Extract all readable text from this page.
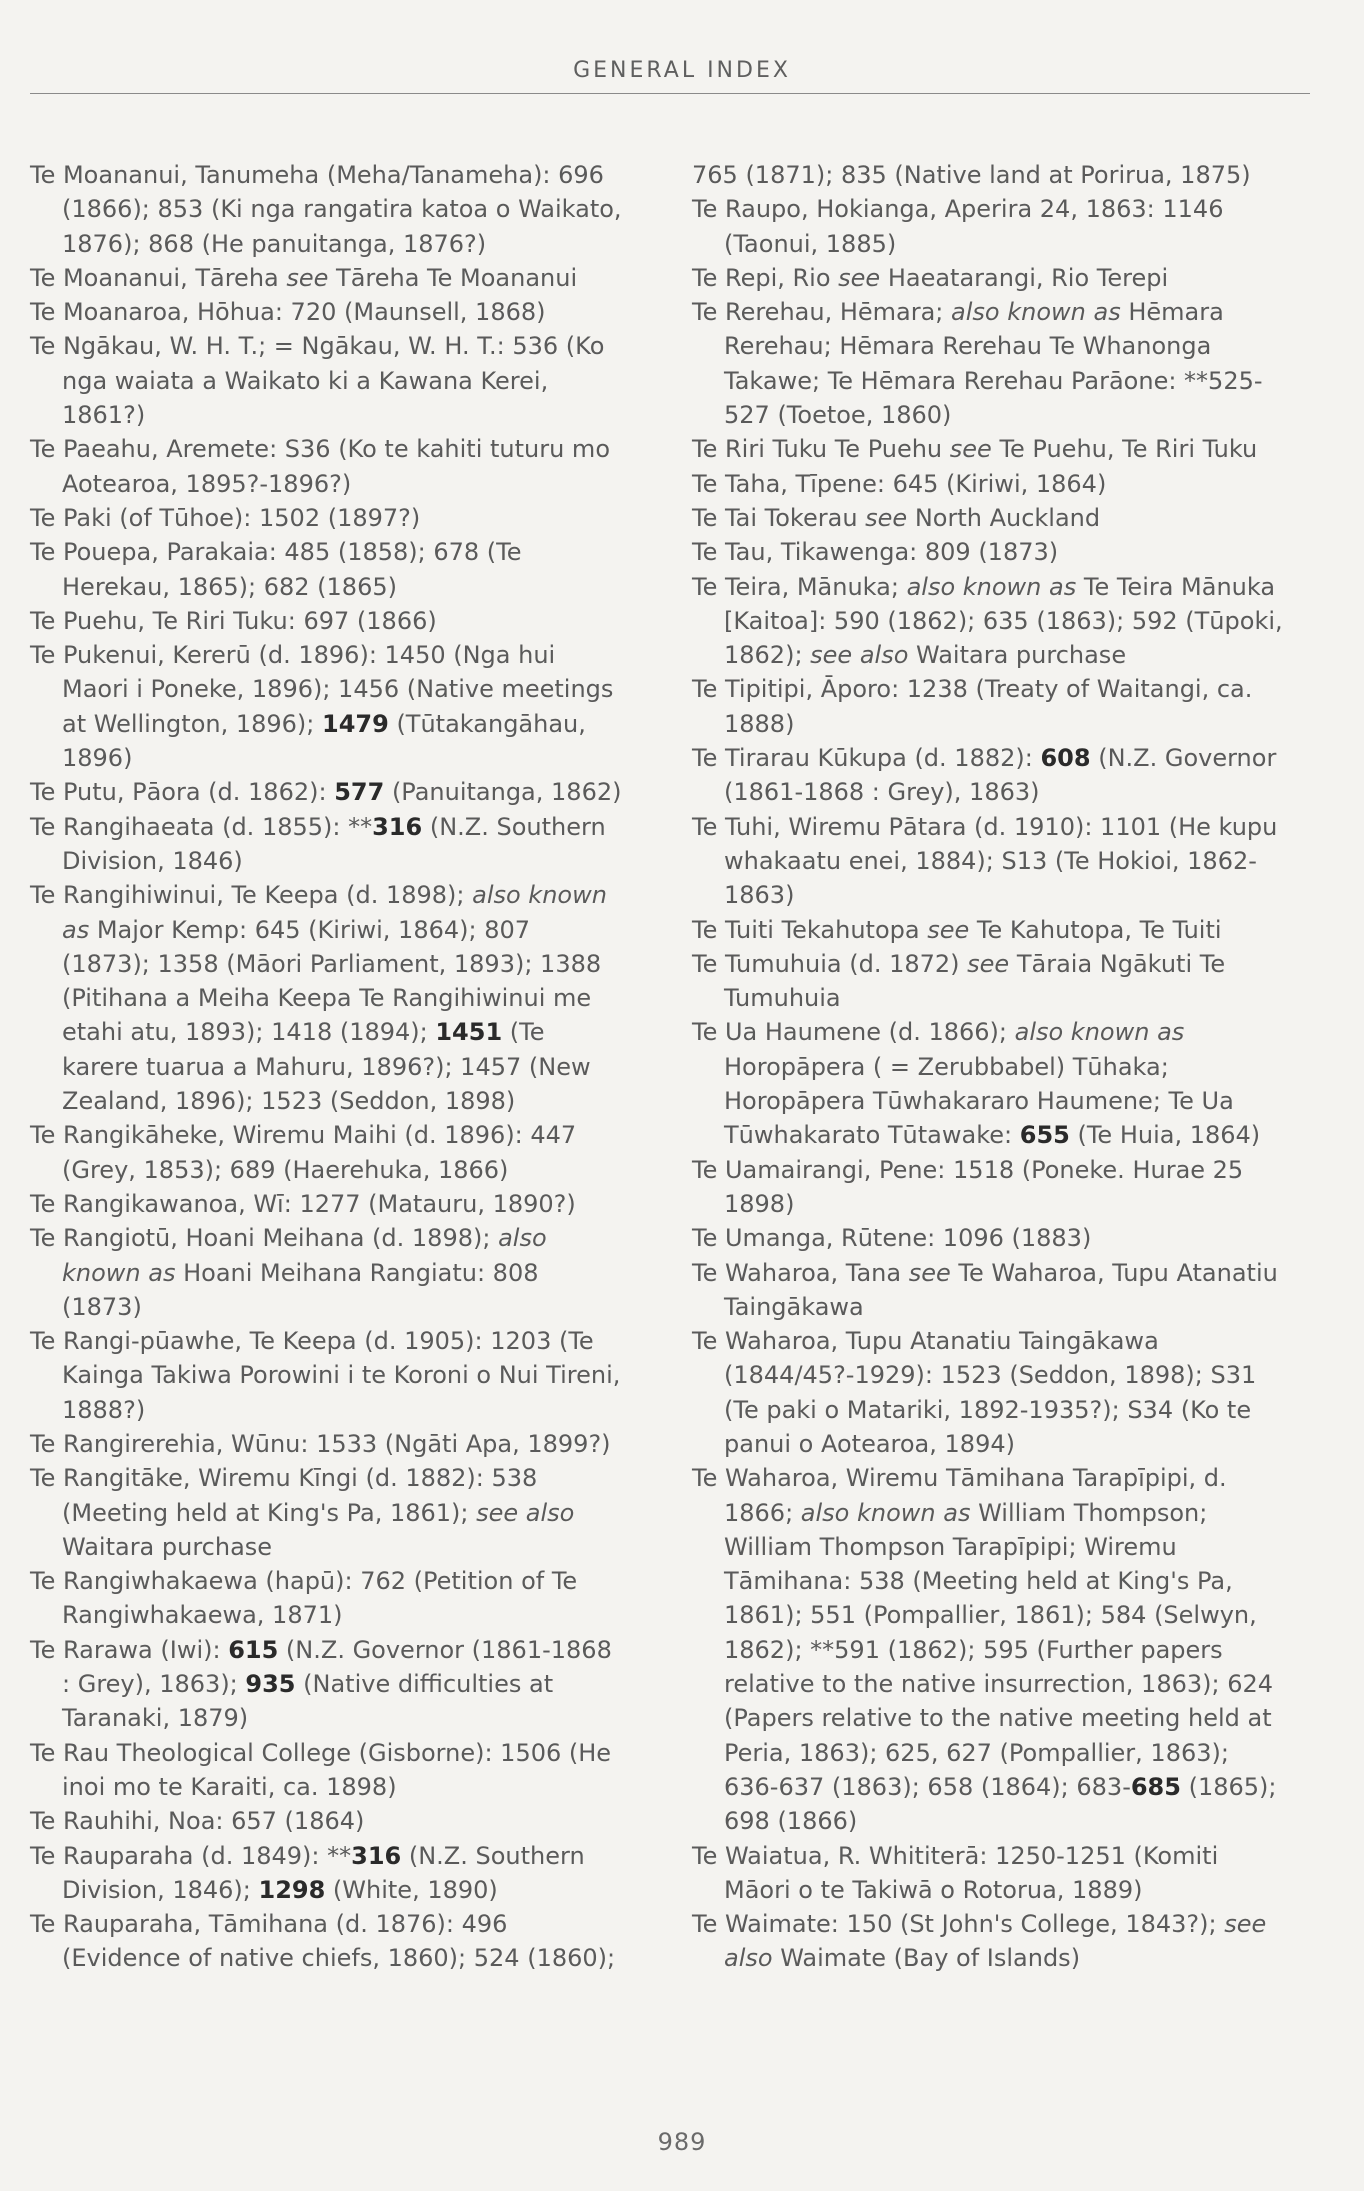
GENERAL INDEX

Te Moananui, Tanumeha (Meha/Tanameha): 696 (1866); 853 (Ki nga rangatira katoa o Waikato, 1876); 868 (He panuitanga, 1876?)

Te Moananui, Tāreha see Tāreha Te Moananui

Te Moanaroa, Hōhua: 720 (Maunsell, 1868)

Te Ngākau, W. H. T.; = Ngākau, W. H. T.: 536 (Ko nga waiata a Waikato ki a Kawana Kerei, 1861?)

Te Paeahu, Aremete: S36 (Ko te kahiti tuturu mo Aotearoa, 1895?-1896?)

Te Paki (of Tūhoe): 1502 (1897?)

Te Pouepa, Parakaia: 485 (1858); 678 (Te Herekau, 1865); 682 (1865)

Te Puehu, Te Riri Tuku: 697 (1866)

Te Pukenui, Kererū (d. 1896): 1450 (Nga hui Maori i Poneke, 1896); 1456 (Native meetings at Wellington, 1896); 1479 (Tūtakangāhau, 1896)

Te Putu, Pāora (d. 1862): 577 (Panuitanga, 1862)

Te Rangihaeata (d. 1855): **316 (N.Z. Southern Division, 1846)

Te Rangihiwinui, Te Keepa (d. 1898); also known as Major Kemp: 645 (Kiriwi, 1864); 807 (1873); 1358 (Māori Parliament, 1893); 1388 (Pitihana a Meiha Keepa Te Rangihiwinui me etahi atu, 1893); 1418 (1894); 1451 (Te karere tuarua a Mahuru, 1896?); 1457 (New Zealand, 1896); 1523 (Seddon, 1898)

Te Rangikāheke, Wiremu Maihi (d. 1896): 447 (Grey, 1853); 689 (Haerehuka, 1866)

Te Rangikawanoa, Wī: 1277 (Matauru, 1890?)

Te Rangiotū, Hoani Meihana (d. 1898); also known as Hoani Meihana Rangiatu: 808 (1873)

Te Rangi-pūawhe, Te Keepa (d. 1905): 1203 (Te Kainga Takiwa Porowini i te Koroni o Nui Tireni, 1888?)

Te Rangirerehia, Wūnu: 1533 (Ngāti Apa, 1899?)

Te Rangitāke, Wiremu Kīngi (d. 1882): 538 (Meeting held at King's Pa, 1861); see also Waitara purchase

Te Rangiwhakaewa (hapū): 762 (Petition of Te Rangiwhakaewa, 1871)

Te Rarawa (Iwi): 615 (N.Z. Governor (1861-1868 : Grey), 1863); 935 (Native difficulties at Taranaki, 1879)

Te Rau Theological College (Gisborne): 1506 (He inoi mo te Karaiti, ca. 1898)

Te Rauhihi, Noa: 657 (1864)

Te Rauparaha (d. 1849): **316 (N.Z. Southern Division, 1846); 1298 (White, 1890)

Te Rauparaha, Tāmihana (d. 1876): 496 (Evidence of native chiefs, 1860); 524 (1860);

765 (1871); 835 (Native land at Porirua, 1875)

Te Raupo, Hokianga, Aperira 24, 1863: 1146 (Taonui, 1885)

Te Repi, Rio see Haeatarangi, Rio Terepi

Te Rerehau, Hēmara; also known as Hēmara Rerehau; Hēmara Rerehau Te Whanonga Takawe; Te Hēmara Rerehau Parāone: **525-527 (Toetoe, 1860)

Te Riri Tuku Te Puehu see Te Puehu, Te Riri Tuku

Te Taha, Tīpene: 645 (Kiriwi, 1864)

Te Tai Tokerau see North Auckland

Te Tau, Tikawenga: 809 (1873)

Te Teira, Mānuka; also known as Te Teira Mānuka [Kaitoa]: 590 (1862); 635 (1863); 592 (Tūpoki, 1862); see also Waitara purchase

Te Tipitipi, Āporo: 1238 (Treaty of Waitangi, ca. 1888)

Te Tirarau Kūkupa (d. 1882): 608 (N.Z. Governor (1861-1868 : Grey), 1863)

Te Tuhi, Wiremu Pātara (d. 1910): 1101 (He kupu whakaatu enei, 1884); S13 (Te Hokioi, 1862-1863)

Te Tuiti Tekahutopa see Te Kahutopa, Te Tuiti

Te Tumuhuia (d. 1872) see Tāraia Ngākuti Te Tumuhuia

Te Ua Haumene (d. 1866); also known as Horopāpera ( = Zerubbabel) Tūhaka; Horopāpera Tūwhakararo Haumene; Te Ua Tūwhakarato Tūtawake: 655 (Te Huia, 1864)

Te Uamairangi, Pene: 1518 (Poneke. Hurae 25 1898)

Te Umanga, Rūtene: 1096 (1883)

Te Waharoa, Tana see Te Waharoa, Tupu Atanatiu Taingākawa

Te Waharoa, Tupu Atanatiu Taingākawa (1844/45?-1929): 1523 (Seddon, 1898); S31 (Te paki o Matariki, 1892-1935?); S34 (Ko te panui o Aotearoa, 1894)

Te Waharoa, Wiremu Tāmihana Tarapīpipi, d. 1866; also known as William Thompson; William Thompson Tarapīpipi; Wiremu Tāmihana: 538 (Meeting held at King's Pa, 1861); 551 (Pompallier, 1861); 584 (Selwyn, 1862); **591 (1862); 595 (Further papers relative to the native insurrection, 1863); 624 (Papers relative to the native meeting held at Peria, 1863); 625, 627 (Pompallier, 1863); 636-637 (1863); 658 (1864); 683-685 (1865); 698 (1866)

Te Waiatua, R. Whititerā: 1250-1251 (Komiti Māori o te Takiwā o Rotorua, 1889)

Te Waimate: 150 (St John's College, 1843?); see also Waimate (Bay of Islands)

989
